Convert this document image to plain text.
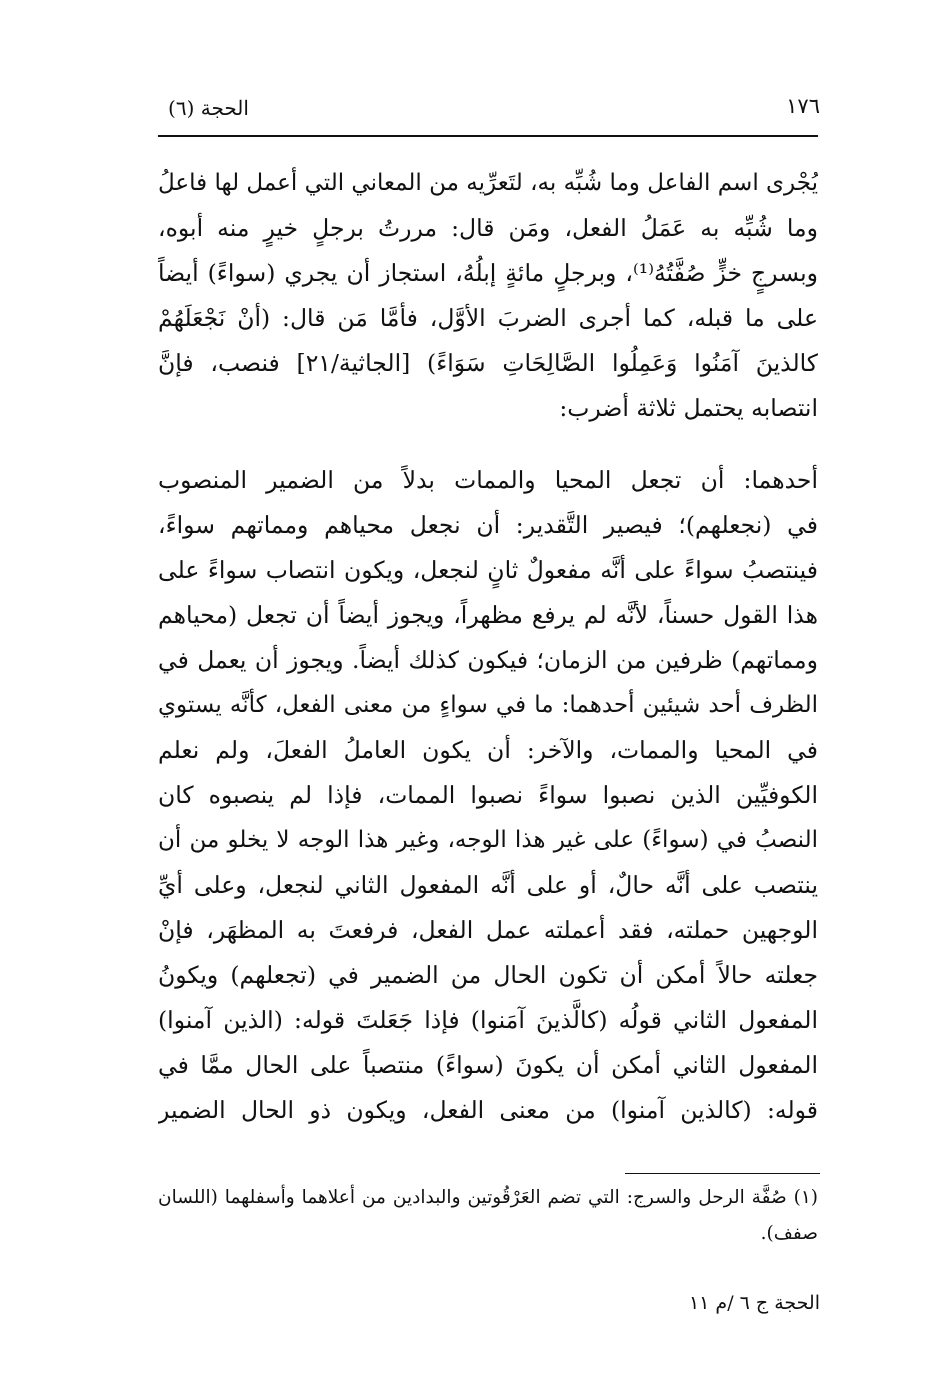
١٧٦
الحجة (٦)
يُجْرى اسم الفاعل وما شُبِّه به، لتَعرِّيه من المعاني التي أعمل لها فاعلُ
وما شُبِّه به عَمَلُ الفعل، ومَن قال: مررتُ برجلٍ خيرٍ منه أبوه،
وبسرجٍ خزٍّ صُفَّتُهُ⁽¹⁾، وبرجلٍ مائةٍ إبلُهُ، استجاز أن يجري (سواءً) أيضاً
على ما قبله، كما أجرى الضربَ الأوَّل، فأمَّا مَن قال: (أنْ نَجْعَلَهُمْ
كالذينَ آمَنُوا وَعَمِلُوا الصَّالِحَاتِ سَوَاءً) [الجاثية/٢١] فنصب، فإنَّ
انتصابه يحتمل ثلاثة أضرب:
أحدهما: أن تجعل المحيا والممات بدلاً من الضمير المنصوب
في (نجعلهم)؛ فيصير التَّقدير: أن نجعل محياهم ومماتهم سواءً،
فينتصبُ سواءً على أنَّه مفعولٌ ثانٍ لنجعل، ويكون انتصاب سواءً على
هذا القول حسناً، لأنَّه لم يرفع مظهراً، ويجوز أيضاً أن تجعل (محياهم
ومماتهم) ظرفين من الزمان؛ فيكون كذلك أيضاً. ويجوز أن يعمل في
الظرف أحد شيئين أحدهما: ما في سواءٍ من معنى الفعل، كأنَّه يستوي
في المحيا والممات، والآخر: أن يكون العاملُ الفعلَ، ولم نعلم
الكوفيِّين الذين نصبوا سواءً نصبوا الممات، فإذا لم ينصبوه كان
النصبُ في (سواءً) على غير هذا الوجه، وغير هذا الوجه لا يخلو من أن
ينتصب على أنَّه حالٌ، أو على أنَّه المفعول الثاني لنجعل، وعلى أيِّ
الوجهين حملته، فقد أعملته عمل الفعل، فرفعتَ به المظهَر، فإنْ
جعلته حالاً أمكن أن تكون الحال من الضمير في (تجعلهم) ويكونُ
المفعول الثاني قولُه (كالَّذينَ آمَنوا) فإذا جَعَلتَ قوله: (الذين آمنوا)
المفعول الثاني أمكن أن يكونَ (سواءً) منتصباً على الحال ممَّا في
قوله: (كالذين آمنوا) من معنى الفعل، ويكون ذو الحال الضمير
(١) صُفَّة الرحل والسرج: التي تضم العَرْقُوتين والبدادين من أعلاهما وأسفلهما (اللسان
صفف).
الحجة ج ٦ /م ١١
